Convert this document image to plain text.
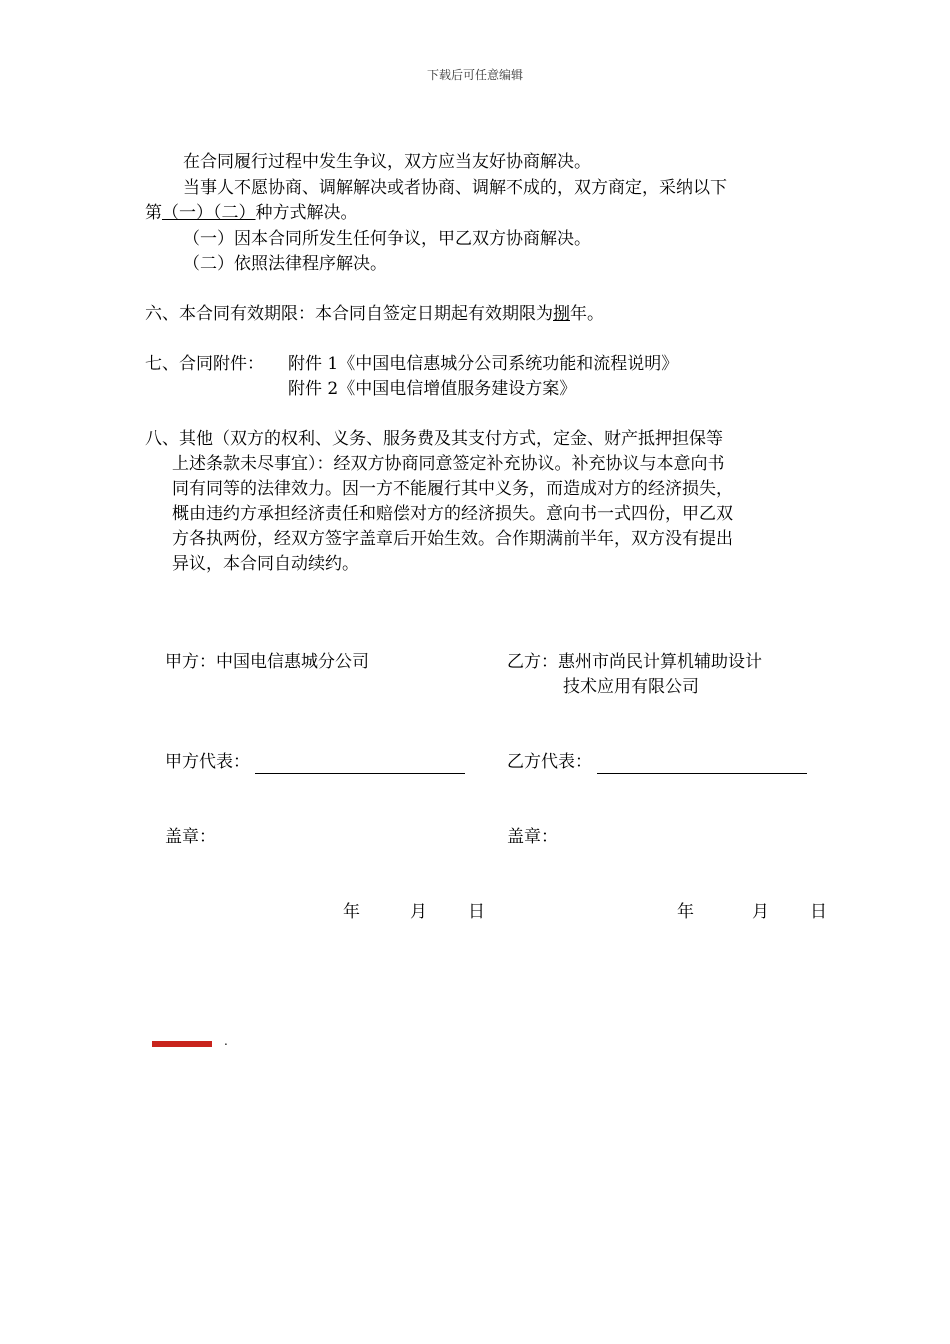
下载后可任意编辑
在合同履行过程中发生争议，双方应当友好协商解决。
当事人不愿协商、调解解决或者协商、调解不成的，双方商定，采纳以下
第（一）（二）种方式解决。
（一）因本合同所发生任何争议，甲乙双方协商解决。
（二）依照法律程序解决。
六、本合同有效期限：本合同自签定日期起有效期限为捌年。
七、合同附件： 附件 1《中国电信惠城分公司系统功能和流程说明》
附件 2《中国电信增值服务建设方案》
八、其他（双方的权利、义务、服务费及其支付方式，定金、财产抵押担保等
上述条款未尽事宜）：经双方协商同意签定补充协议。补充协议与本意向书
同有同等的法律效力。因一方不能履行其中义务，而造成对方的经济损失，
概由违约方承担经济责任和赔偿对方的经济损失。意向书一式四份，甲乙双
方各执两份，经双方签字盖章后开始生效。合作期满前半年，双方没有提出
异议，本合同自动续约。
甲方：中国电信惠城分公司	乙方：惠州市尚民计算机辅助设计
技术应用有限公司
甲方代表：	乙方代表：
盖章：	盖章：
年	月 日	年	月 日
.
